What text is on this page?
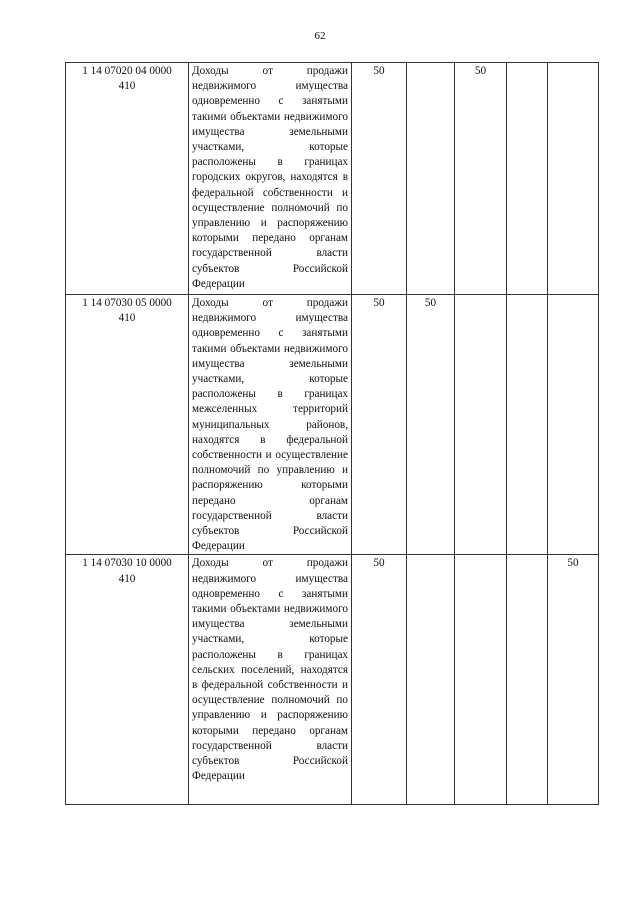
62
1 14 07020 04 0000
410	Доходы от продажи недвижимого имущества одновременно с занятыми такими объектами недвижимого имущества земельными участками, которые расположены в границах городских округов, находятся в федеральной собственности и осуществление полномочий по управлению и распоряжению которыми передано органам государственной власти субъектов Российской Федерации	50		50		
1 14 07030 05 0000
410	Доходы от продажи недвижимого имущества одновременно с занятыми такими объектами недвижимого имущества земельными участками, которые расположены в границах межселенных территорий муниципальных районов, находятся в федеральной собственности и осуществление полномочий по управлению и распоряжению которыми передано органам государственной власти субъектов Российской Федерации	50	50			
1 14 07030 10 0000
410	Доходы от продажи недвижимого имущества одновременно с занятыми такими объектами недвижимого имущества земельными участками, которые расположены в границах сельских поселений, находятся в федеральной собственности и осуществление полномочий по управлению и распоряжению которыми передано органам государственной власти субъектов Российской Федерации	50				50
